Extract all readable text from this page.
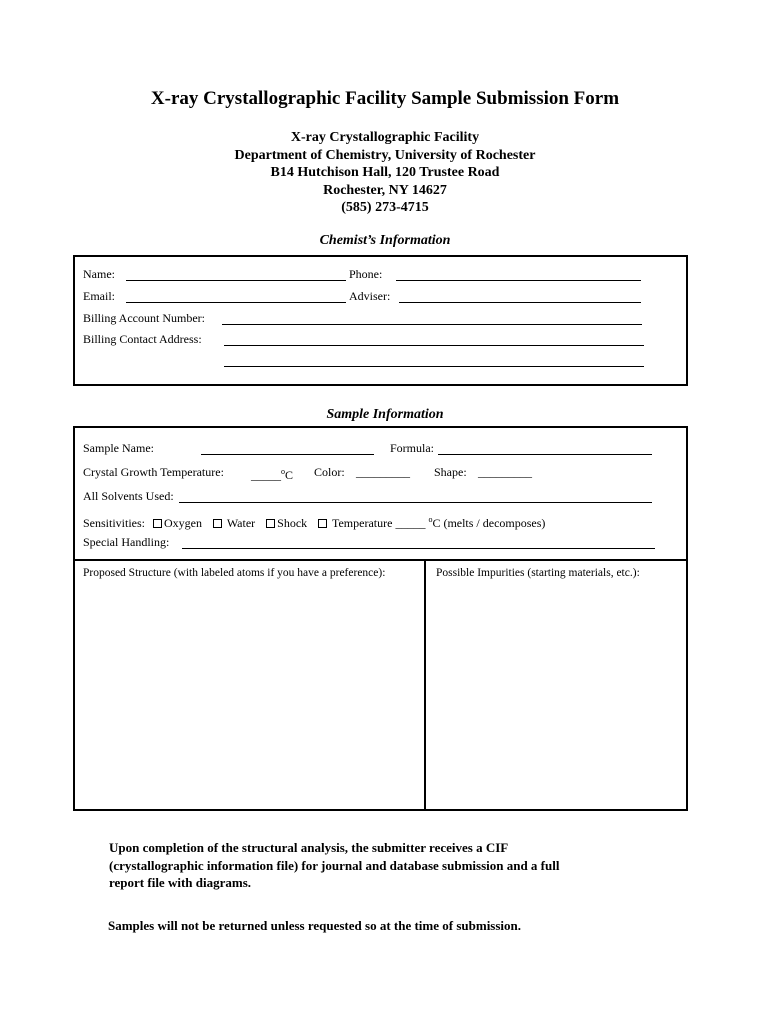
X-ray Crystallographic Facility Sample Submission Form
X-ray Crystallographic Facility
Department of Chemistry, University of Rochester
B14 Hutchison Hall, 120 Trustee Road
Rochester, NY 14627
(585) 273-4715
Chemist’s Information
Name:	Phone:
Email:	Adviser:
Billing Account Number:
Billing Contact Address:
Sample Information
Sample Name:	Formula:
Crystal Growth Temperature: _____$^o$C Color: _________ Shape: _________
All Solvents Used:
Sensitivities: Oxygen Water Shock Temperature _____ $^o$C (melts / decomposes)
Special Handling:
Proposed Structure (with labeled atoms if you have a preference):	Possible Impurities (starting materials, etc.):
Upon completion of the structural analysis, the submitter receives a CIF
(crystallographic information file) for journal and database submission and a full
report file with diagrams.
Samples will not be returned unless requested so at the time of submission.
